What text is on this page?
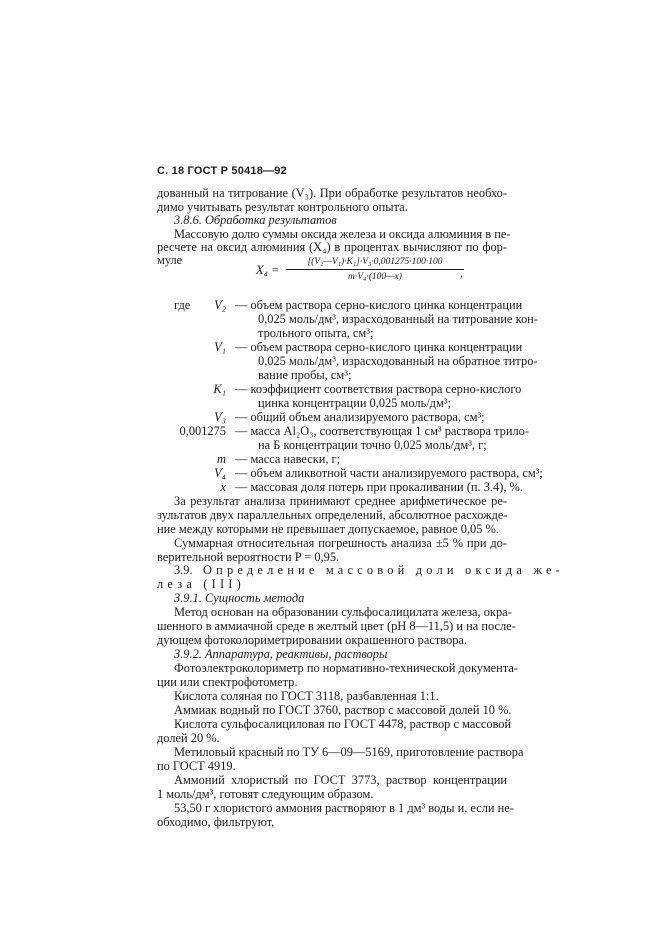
С. 18 ГОСТ Р 50418—92
дованный на титрование (V₃). При обработке результатов необхо-
димо учитывать результат контрольного опыта.
3.8.6. Обработка результатов
Массовую долю суммы оксида железа и оксида алюминия в пе-
ресчете на оксид алюминия (X₄) в процентах вычисляют по фор-
муле
$X_4 = \frac{\text{[(V₂—V₁)·K₁]·V₃·0,001275·100·100}}{\text{m·V₄·(100—x)}}$
,
где	V₂ — объем раствора серно-кислого цинка концентрации
0,025 моль/дм³, израсходованный на титрование кон-
трольного опыта, см³;
V₁ — объем раствора серно-кислого цинка концентрации
0,025 моль/дм³, израсходованный на обратное титро-
вание пробы, см³;
K₁ — коэффициент соответствия раствора серно-кислого
цинка концентрации 0,025 моль/дм³;
V₃ — общий объем анализируемого раствора, см³;
0,001275 — масса Al₂O₃, соответствующая 1 см³ раствора трило-
на Б концентрации точно 0,025 моль/дм³, г;
m — масса навески, г;
V₄ — объем аликвотной части анализируемого раствора, см³;
x — массовая доля потерь при прокаливании (п. 3.4), %.
За результат анализа принимают среднее арифметическое ре-
зультатов двух параллельных определений, абсолютное расхожде-
ние между которыми не превышает допускаемое, равное 0,05 %.
Суммарная относительная погрешность анализа ±5 % при до-
верительной вероятности P = 0,95.
3.9. Определение массовой доли оксида же-
леза (III)
3.9.1. Сущность метода
Метод основан на образовании сульфосалицилата железа, окра-
шенного в аммиачной среде в желтый цвет (рН 8—11,5) и на после-
дующем фотоколориметрировании окрашенного раствора.
3.9.2. Аппаратура, реактивы, растворы
Фотоэлектроколориметр по нормативно-технической документа-
ции или спектрофотометр.
Кислота соляная по ГОСТ 3118, разбавленная 1:1.
Аммиак водный по ГОСТ 3760, раствор с массовой долей 10 %.
Кислота сульфосалициловая по ГОСТ 4478, раствор с массовой
долей 20 %.
Метиловый красный по ТУ 6—09—5169, приготовление раствора
по ГОСТ 4919.
Аммоний хлористый по ГОСТ 3773, раствор концентрации
1 моль/дм³, готовят следующим образом.
53,50 г хлористого аммония растворяют в 1 дм³ воды и, если не-
обходимо, фильтруют,
